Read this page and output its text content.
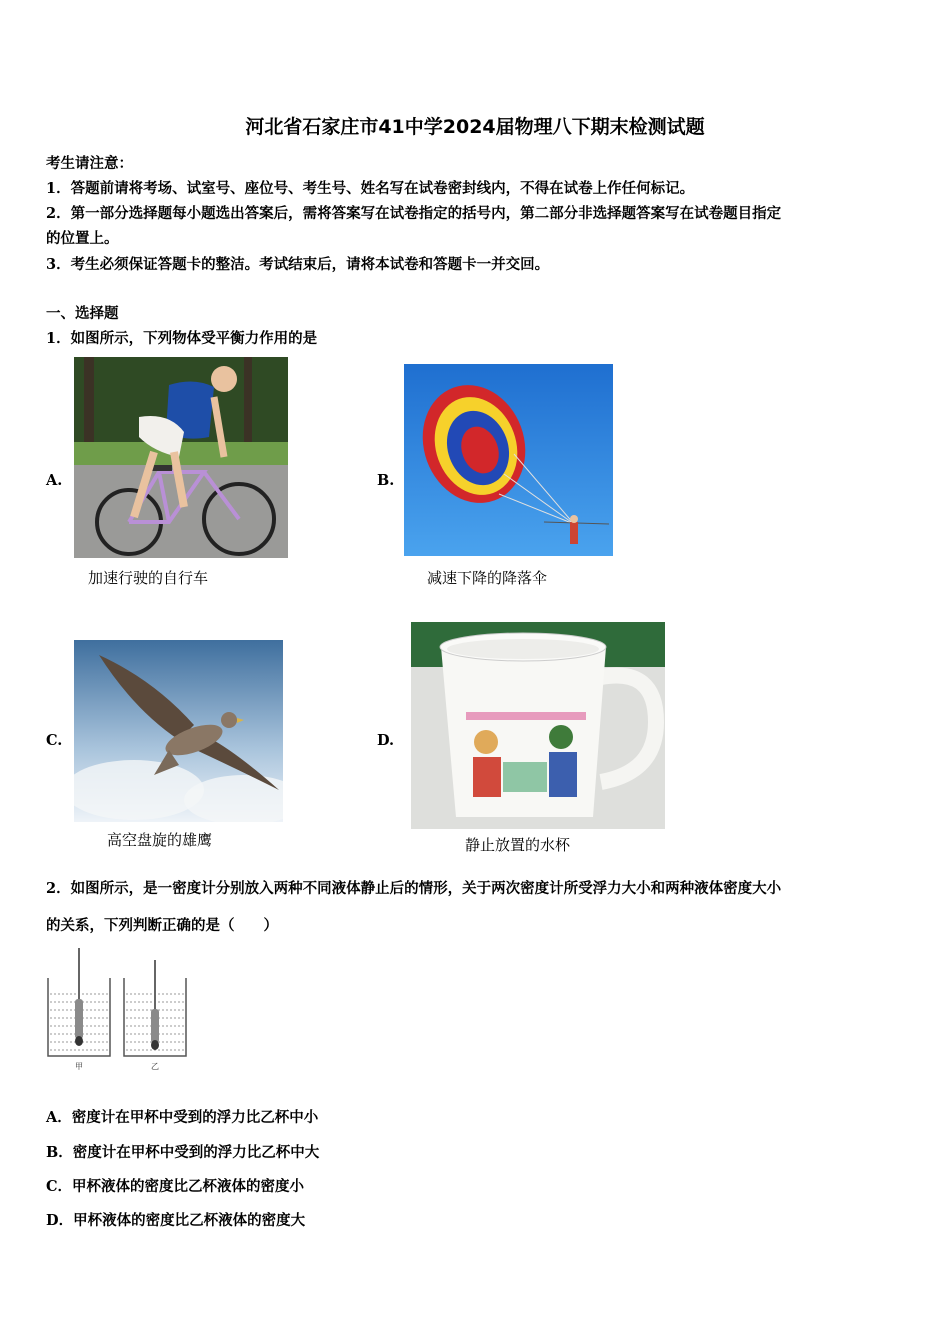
河北省石家庄市41中学2024届物理八下期末检测试题
考生请注意：
1．答题前请将考场、试室号、座位号、考生号、姓名写在试卷密封线内，不得在试卷上作任何标记。
2．第一部分选择题每小题选出答案后，需将答案写在试卷指定的括号内，第二部分非选择题答案写在试卷题目指定
的位置上。
3．考生必须保证答题卡的整洁。考试结束后，请将本试卷和答题卡一并交回。
一、选择题
1．如图所示，下列物体受平衡力作用的是
A.
加速行驶的自行车
B.
减速下降的降落伞
C.
高空盘旋的雄鹰
D.
静止放置的水杯
2．如图所示，是一密度计分别放入两种不同液体静止后的情形，关于两次密度计所受浮力大小和两种液体密度大小
的关系，下列判断正确的是（　　）
甲	乙
A．密度计在甲杯中受到的浮力比乙杯中小
B．密度计在甲杯中受到的浮力比乙杯中大
C．甲杯液体的密度比乙杯液体的密度小
D．甲杯液体的密度比乙杯液体的密度大
